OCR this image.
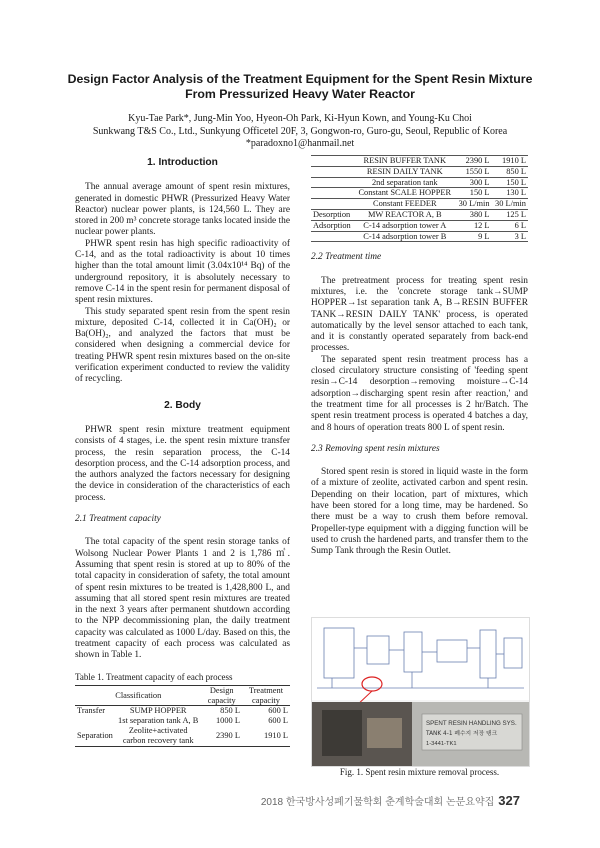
Design Factor Analysis of the Treatment Equipment for the Spent Resin Mixture From Pressurized Heavy Water Reactor
Kyu-Tae Park*, Jung-Min Yoo, Hyeon-Oh Park, Ki-Hyun Kown, and Young-Ku Choi
Sunkwang T&S Co., Ltd., Sunkyung Officetel 20F, 3, Gongwon-ro, Guro-gu, Seoul, Republic of Korea
*paradoxno1@hanmail.net
1. Introduction

The annual average amount of spent resin mixtures, generated in domestic PHWR (Pressurized Heavy Water Reactor) nuclear power plants, is 124,560 L. They are stored in 200 m³ concrete storage tanks located inside the nuclear power plants.

PHWR spent resin has high specific radioactivity of C-14, and as the total radioactivity is about 10 times higher than the total amount limit (3.04x10¹⁴ Bq) of the underground repository, it is absolutely necessary to remove C-14 in the spent resin for permanent disposal of spent resin mixtures.

This study separated spent resin from the spent resin mixture, deposited C-14, collected it in Ca(OH)₂ or Ba(OH)₂, and analyzed the factors that must be considered when designing a commercial device for treating PHWR spent resin mixtures based on the on-site verification experiment conducted to review the validity of recycling.

2. Body

PHWR spent resin mixture treatment equipment consists of 4 stages, i.e. the spent resin mixture transfer process, the resin separation process, the C-14 desorption process, and the C-14 adsorption process, and the authors analyzed the factors necessary for designing the device in consideration of the characteristics of each process.

2.1 Treatment capacity

The total capacity of the spent resin storage tanks of Wolsong Nuclear Power Plants 1 and 2 is 1,786 ㎥. Assuming that spent resin is stored at up to 80% of the total capacity in consideration of safety, the total amount of spent resin mixtures to be treated is 1,428,800 L, and assuming that all stored spent resin mixtures are treated in the next 3 years after permanent shutdown according to the NPP decommissioning plan, the daily treatment capacity was calculated as 1000 L/day. Based on this, the treatment capacity of each process was calculated as shown in Table 1.

Table 1. Treatment capacity of each process
Classification		Design capacity	Treatment capacity
Transfer	SUMP HOPPER	850 L	600 L
	1st separation tank A, B	1000 L	600 L
Separation	Zeolite+activated carbon recovery tank	2390 L	1910 L
	RESIN BUFFER TANK	2390 L	1910 L
	RESIN DAILY TANK	1550 L	850 L
	2nd separation tank	300 L	150 L
	Constant SCALE HOPPER	150 L	130 L
	Constant FEEDER	30 L/min	30 L/min
Desorption	MW REACTOR A, B	380 L	125 L
Adsorption	C-14 adsorption tower A	12 L	6 L
	C-14 adsorption tower B	9 L	3 L
2.2 Treatment time

The pretreatment process for treating spent resin mixtures, i.e. the 'concrete storage tank→SUMP HOPPER→1st separation tank A, B→RESIN BUFFER TANK→RESIN DAILY TANK' process, is operated automatically by the level sensor attached to each tank, and it is constantly operated separately from back-end processes.

The separated spent resin treatment process has a closed circulatory structure consisting of 'feeding spent resin→C-14 desorption→removing moisture→C-14 adsorption→discharging spent resin after reaction,' and the treatment time for all processes is 2 hr/Batch. The spent resin treatment process is operated 4 batches a day, and 8 hours of operation treats 800 L of spent resin.

2.3 Removing spent resin mixtures

Stored spent resin is stored in liquid waste in the form of a mixture of zeolite, activated carbon and spent resin. Depending on their location, part of mixtures, which have been stored for a long time, may be hardened. So there must be a way to crush them before removal. Propeller-type equipment with a digging function will be used to crush the hardened parts, and transfer them to the Sump Tank through the Resin Outlet.

SPENT RESIN HANDLING SYS.
TANK 4-1 폐수지 저장 탱크
1-3441-TK1
Fig. 1. Spent resin mixture removal process.
2018 한국방사성폐기물학회 춘계학술대회 논문요약집 327
